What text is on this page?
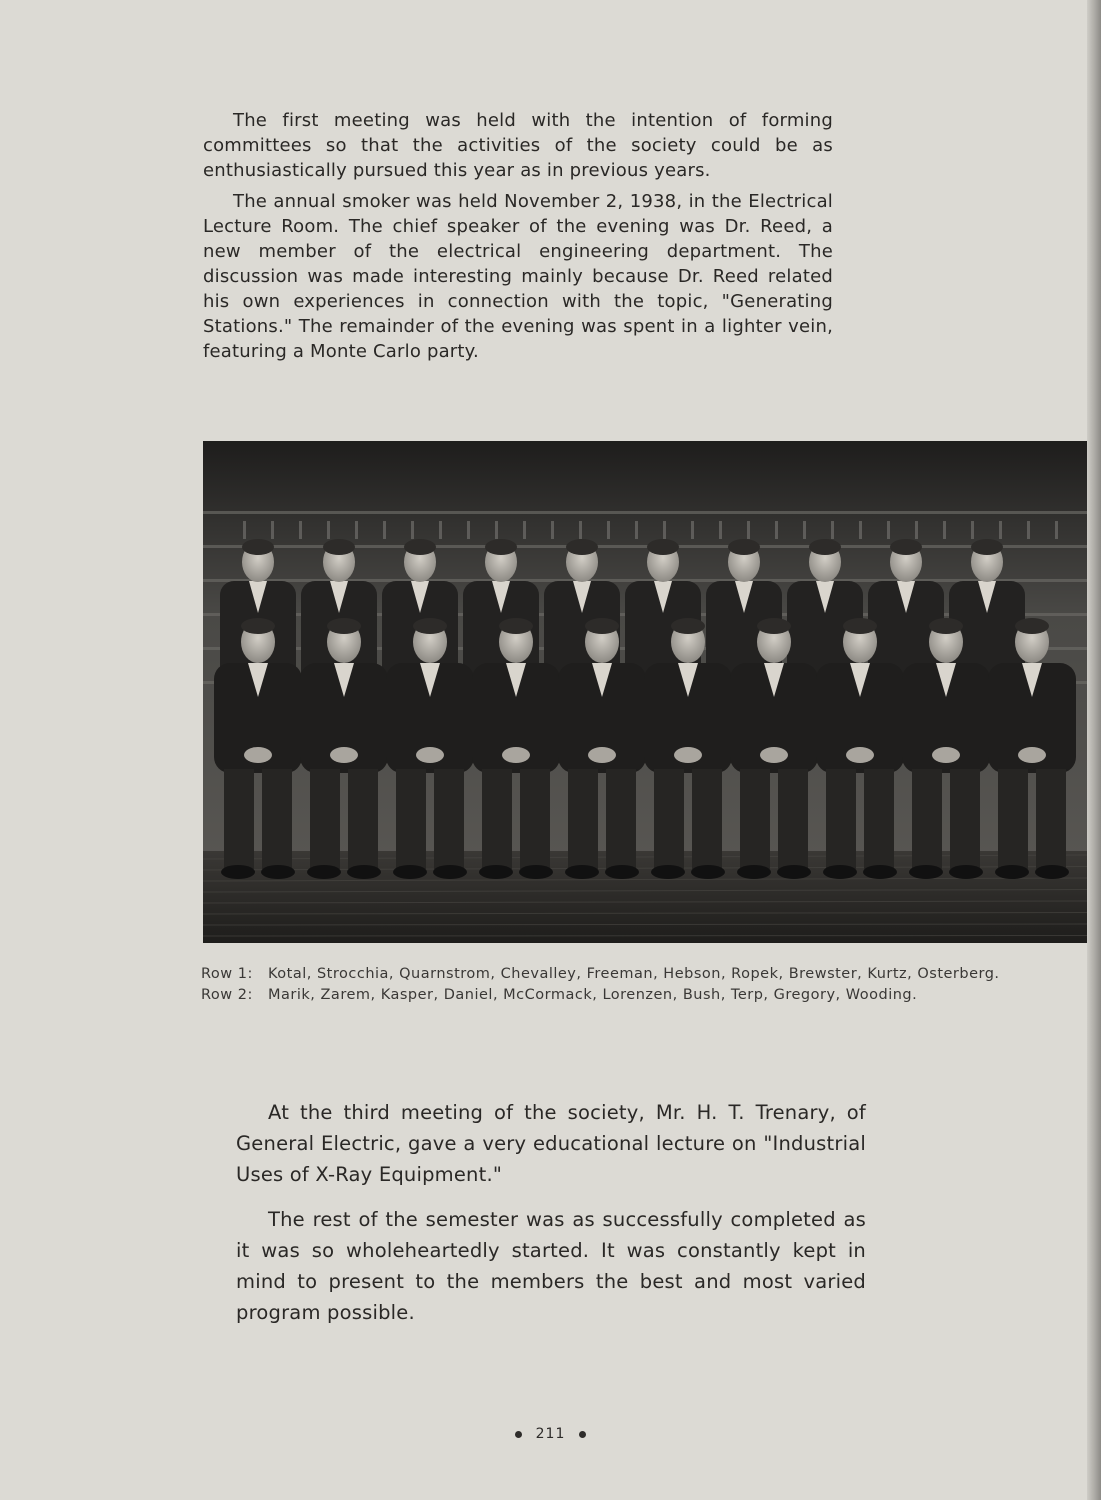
The first meeting was held with the intention of forming committees so that the activities of the society could be as enthusiastically pursued this year as in previous years.

The annual smoker was held November 2, 1938, in the Electrical Lecture Room. The chief speaker of the evening was Dr. Reed, a new member of the electrical engineering department. The discussion was made interesting mainly because Dr. Reed related his own experiences in connection with the topic, "Generating Stations." The remainder of the evening was spent in a lighter vein, featuring a Monte Carlo party.

Row 1: Kotal, Strocchia, Quarnstrom, Chevalley, Freeman, Hebson, Ropek, Brewster, Kurtz, Osterberg.
Row 2: Marik, Zarem, Kasper, Daniel, McCormack, Lorenzen, Bush, Terp, Gregory, Wooding.

At the third meeting of the society, Mr. H. T. Trenary, of General Electric, gave a very educational lecture on "Industrial Uses of X-Ray Equipment."

The rest of the semester was as successfully completed as it was so wholeheartedly started. It was constantly kept in mind to present to the members the best and most varied program possible.

211
